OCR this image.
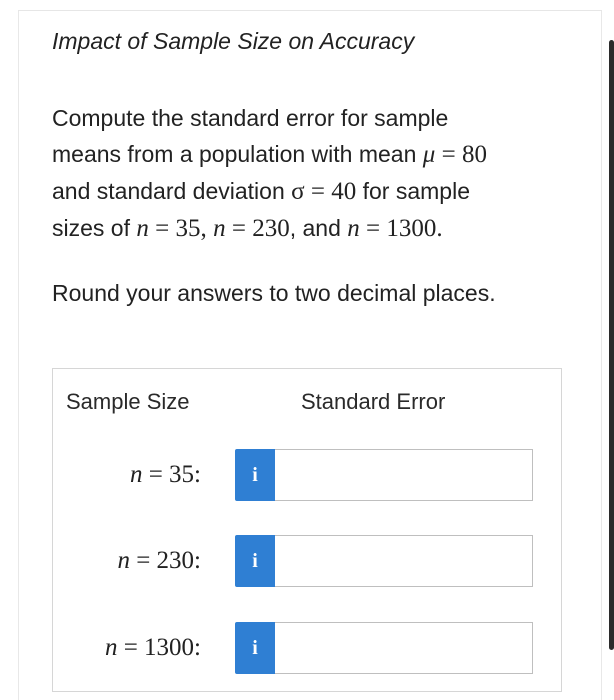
Impact of Sample Size on Accuracy
Compute the standard error for sample
means from a population with mean μ = 80
and standard deviation σ = 40 for sample
sizes of n = 35, n = 230, and n = 1300.
Round your answers to two decimal places.
Sample Size	Standard Error
n = 35:	i
n = 230:	i
n = 1300:	i
